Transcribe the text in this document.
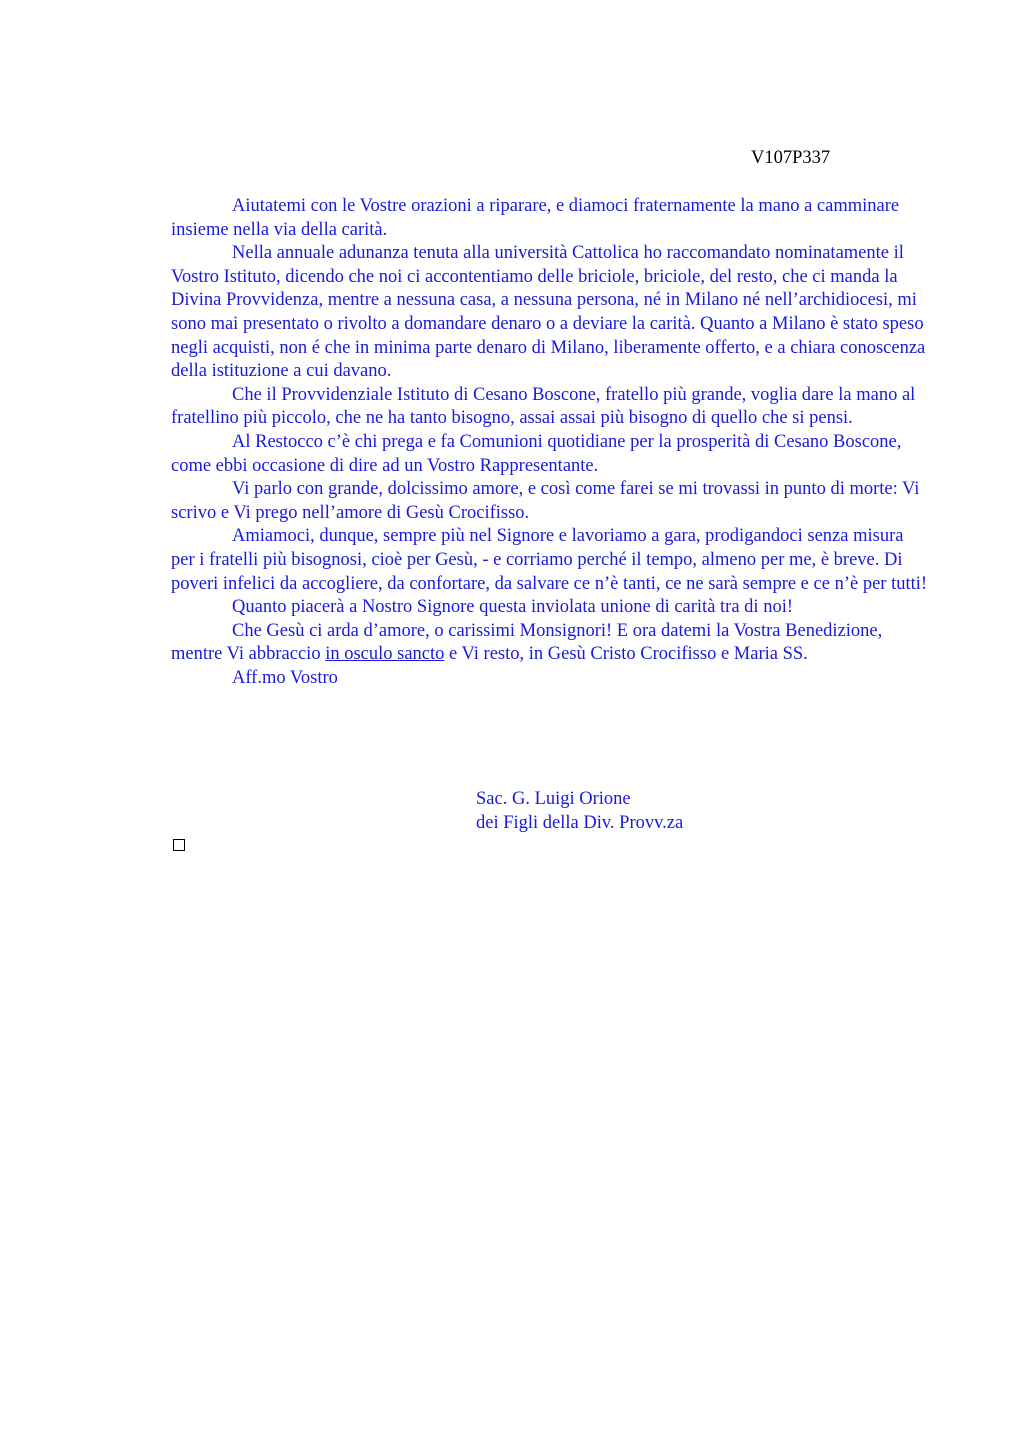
V107P337

Aiutatemi con le Vostre orazioni a riparare, e diamoci fraternamente la mano a camminare insieme nella via della carità.

Nella annuale adunanza tenuta alla università Cattolica ho raccomandato nominatamente il Vostro Istituto, dicendo che noi ci accontentiamo delle briciole, briciole, del resto, che ci manda la Divina Provvidenza, mentre a nessuna casa, a nessuna persona, né in Milano né nell’archidiocesi, mi sono mai presentato o rivolto a domandare denaro o a deviare la carità. Quanto a Milano è stato speso negli acquisti, non é che in minima parte denaro di Milano, liberamente offerto, e a chiara conoscenza della istituzione a cui davano.

Che il Provvidenziale Istituto di Cesano Boscone, fratello più grande, voglia dare la mano al fratellino più piccolo, che ne ha tanto bisogno, assai assai più bisogno di quello che si pensi.

Al Restocco c’è chi prega e fa Comunioni quotidiane per la prosperità di Cesano Boscone, come ebbi occasione di dire ad un Vostro Rappresentante.

Vi parlo con grande, dolcissimo amore, e così come farei se mi trovassi in punto di morte: Vi scrivo e Vi prego nell’amore di Gesù Crocifisso.

Amiamoci, dunque, sempre più nel Signore e lavoriamo a gara, prodigandoci senza misura per i fratelli più bisognosi, cioè per Gesù, - e corriamo perché il tempo, almeno per me, è breve. Di poveri infelici da accogliere, da confortare, da salvare ce n’è tanti, ce ne sarà sempre e ce n’è per tutti!

Quanto piacerà a Nostro Signore questa inviolata unione di carità tra di noi!

Che Gesù ci arda d’amore, o carissimi Monsignori! E ora datemi la Vostra Benedizione, mentre Vi abbraccio in osculo sancto e Vi resto, in Gesù Cristo Crocifisso e Maria SS.

Aff.mo Vostro

Sac. G. Luigi Orione
dei Figli della Div. Provv.za
